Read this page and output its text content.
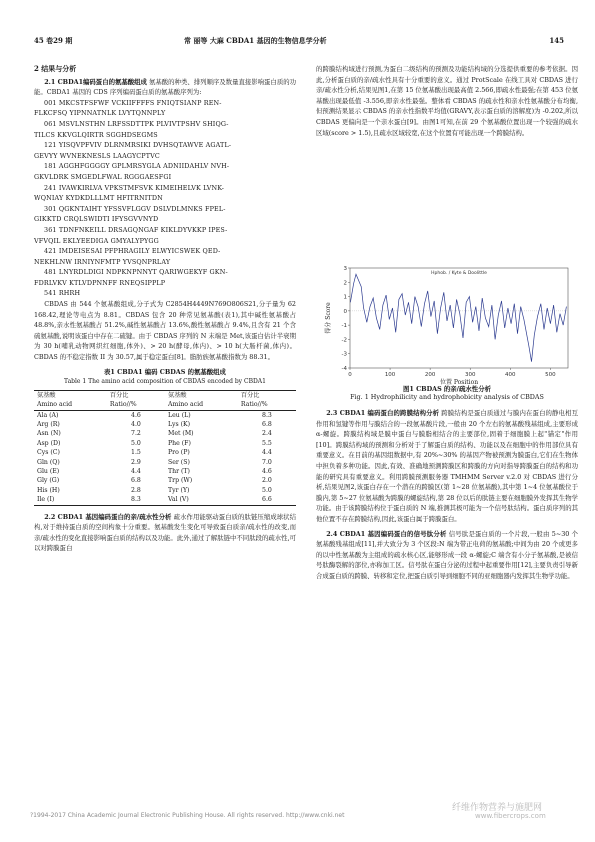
45 卷29 期	常 丽等 大麻 CBDA1 基因的生物信息学分析	145
2 结果与分析

2.1 CBDA1编码蛋白的氨基酸组成 氨基酸的种类、排列顺序及数量直接影响蛋白质的功能。CBDA1 基因的 CDS 序列编码蛋白质的氨基酸序列为:

001 MKCSTFSFWF VCKIIFFFFS FNIQTSIANP REN-

FLKCFSQ YIPNNATNLK LVYTQNNPLY

061 MSVLNSTHN LRFSSDTTPK PLVIVTPSHV SHIQG-

TILCS KKVGLQIRTR SGGHDSEGMS

121 YISQVPFVIV DLRNMRSIKI DVHSQTAWVE AGATL-

GEVYY WVNEKNESLS LAAGYCPTVC

181 AGGHFGGGGY GPLMRSYGLA ADNIIDAHLV NVH-

GKVLDRK SMGEDLFWAL RGGGAESFGI

241 IVAWKIRLVA VPKSTMFSVK KIMEIHELVK LVNK-

WQNIAY KYDKDLLLMT HFITRNITDN

301 QGKNTAIHT YFSSVFLGGV DSLVDLMNKS FPEL-

GIKKTD CRQLSWIDTI IFYSGVVNYD

361 TDNFNKEILL DRSAGQNGAF KIKLDYVKKP IPES-

VFVQIL EKLYEEDIGA GMYALYPYGG

421 IMDEISESAI PFPHRAGILY ELWYICSWEK QED-

NEKHLNW IRNIYNFMTP YVSQNPRLAY

481 LNYRDLDIGI NDPKNPNNYT QARIWGEKYF GKN-

FDRLVKV KTLVDPNNFF RNEQSIPPLP

541 RHRH

CBDAS 由 544 个氨基酸组成,分子式为 C2854H4449N769O806S21,分子量为 62 168.42,理论等电点为 8.81。CBDAS 包含 20 种常见氨基酸(表1),其中碱性氨基酸占 48.8%,亲水性氨基酸占 51.2%,碱性氨基酸占 13.6%,酸性氨基酸占 9.4%,且含有 21 个含硫氨基酸,说明该蛋白中存在二硫键。由于 CBDAS 序列的 N 末端是 Met,该蛋白估计半衰期为 30 h(哺乳动物网织红细胞,体外)、> 20 h(酵母,体内)、> 10 h(大肠杆菌,体内)。CBDAS 的不稳定指数 II 为 30.57,属于稳定蛋白[8]。脂肪族氨基酸指数为 88.31。

表1 CBDA1 编码 CBDAS 的氨基酸组成
Table 1 The amino acid composition of CBDAS encoded by CBDA1
氨基酸	百分比	氨基酸	百分比
Amino acid	Ratio//%	Amino acid	Ratio//%
Ala (A)	4.6	Leu (L)	8.3
Arg (R)	4.0	Lys (K)	6.8
Asn (N)	7.2	Met (M)	2.4
Asp (D)	5.0	Phe (F)	5.5
Cys (C)	1.5	Pro (P)	4.4
Gln (Q)	2.9	Ser (S)	7.0
Glu (E)	4.4	Thr (T)	4.6
Gly (G)	6.8	Trp (W)	2.0
His (H)	2.8	Tyr (Y)	5.0
Ile (I)	8.3	Val (V)	6.6

2.2 CBDA1 基因编码蛋白的亲/疏水性分析 疏水作用能驱动蛋白质的肽链压缩成球状结构,对于维持蛋白质的空间构象十分重要。氨基酸发生变化可导致蛋白质亲/疏水性的改变,而亲/疏水性的变化直接影响蛋白质的结构以及功能。此外,通过了解肽链中不同肽段的疏水性,可以对跨膜蛋白

的跨膜结构域进行预测,为蛋白二级结构的预测及功能结构域的分选提供重要的参考依据。因此,分析蛋白质的亲/疏水性具有十分重要的意义。通过 ProtScale 在线工具对 CBDAS 进行亲/疏水性分析,结果见图1,在第 15 位氨基酸出现最高值 2.566,即疏水性最强;在第 453 位氨基酸出现最低值 -3.556,即亲水性最强。整体看 CBDAS 的疏水性和亲水性氨基酸分布均衡,但预测结果显示 CBDAS 的亲水性指数平均值(GRAVY,表示蛋白质的溶解度)为 -0.202,所以 CBDAS 更偏向是一个亲水蛋白[9]。由图1可知,在前 29 个氨基酸位置出现一个较强的疏水区域(score > 1.5),且疏水区域较宽,在这个位置有可能出现一个跨膜结构。

3
2
1
0
-1
-2
-3
-4
0	100	200	300	400	500
Hphob. / Kyte & Doolittle
位置 Position
得分 Score
图1 CBDAS 的亲/疏水性分析
Fig. 1 Hydrophilicity and hydrophobicity analysis of CBDAS

2.3 CBDA1 编码蛋白的跨膜结构分析 跨膜结构是蛋白质通过与膜内在蛋白的静电相互作用和氢键等作用与膜结合的一段氨基酸片段,一般由 20 个左右的氨基酸残基组成,主要形成 α-螺旋。跨膜结构域是膜中蛋白与膜脂相结合的主要部位,固着于细胞膜上起"锚定"作用[10]。跨膜结构域的预测和分析对于了解蛋白质的结构、功能以及在细胞中的作用部位具有重要意义。在目前的基因组数据中,有 20%~30% 的基因产物被预测为膜蛋白,它们在生物体中担负着多种功能。因此,有效、准确地预测跨膜区和跨膜的方向对指导跨膜蛋白的结构和功能的研究具有重要意义。利用跨膜预测服务器 TMHMM Server v.2.0 对 CBDAS 进行分析,结果见图2,该蛋白存在一个潜在的跨膜区(第 1~28 位氨基酸),其中第 1~4 位氨基酸位于膜内,第 5~27 位氨基酸为跨膜的螺旋结构,第 28 位以后的肽链主要在细胞膜外发挥其生物学功能。由于该跨膜结构位于蛋白质的 N 端,推测其极可能为一个信号肽结构。蛋白质序列的其他位置不存在跨膜结构,因此,该蛋白属于跨膜蛋白。

2.4 CBDA1 基因编码蛋白的信号肽分析 信号肽是蛋白质的一个片段,一般由 5~30 个氨基酸残基组成[11],并大致分为 3 个区段:N 端为带正电荷的氨基酸;中间为由 20 个或更多的以中性氨基酸为主组成的疏水核心区,能够形成一段 α-螺旋;C 端含有小分子氨基酸,是被信号肽酶裂解的部位,亦称加工区。信号肽在蛋白分泌的过程中起重要作用[12],主要负责引导新合成蛋白质的跨膜、转移和定位,把蛋白质引导到细胞不同的亚细胞器内发挥其生物学功能。

?1994-2017 China Academic Journal Electronic Publishing House. All rights reserved. http://www.cnki.net
纤维作物营养与施肥网
www.fibercrops.com
